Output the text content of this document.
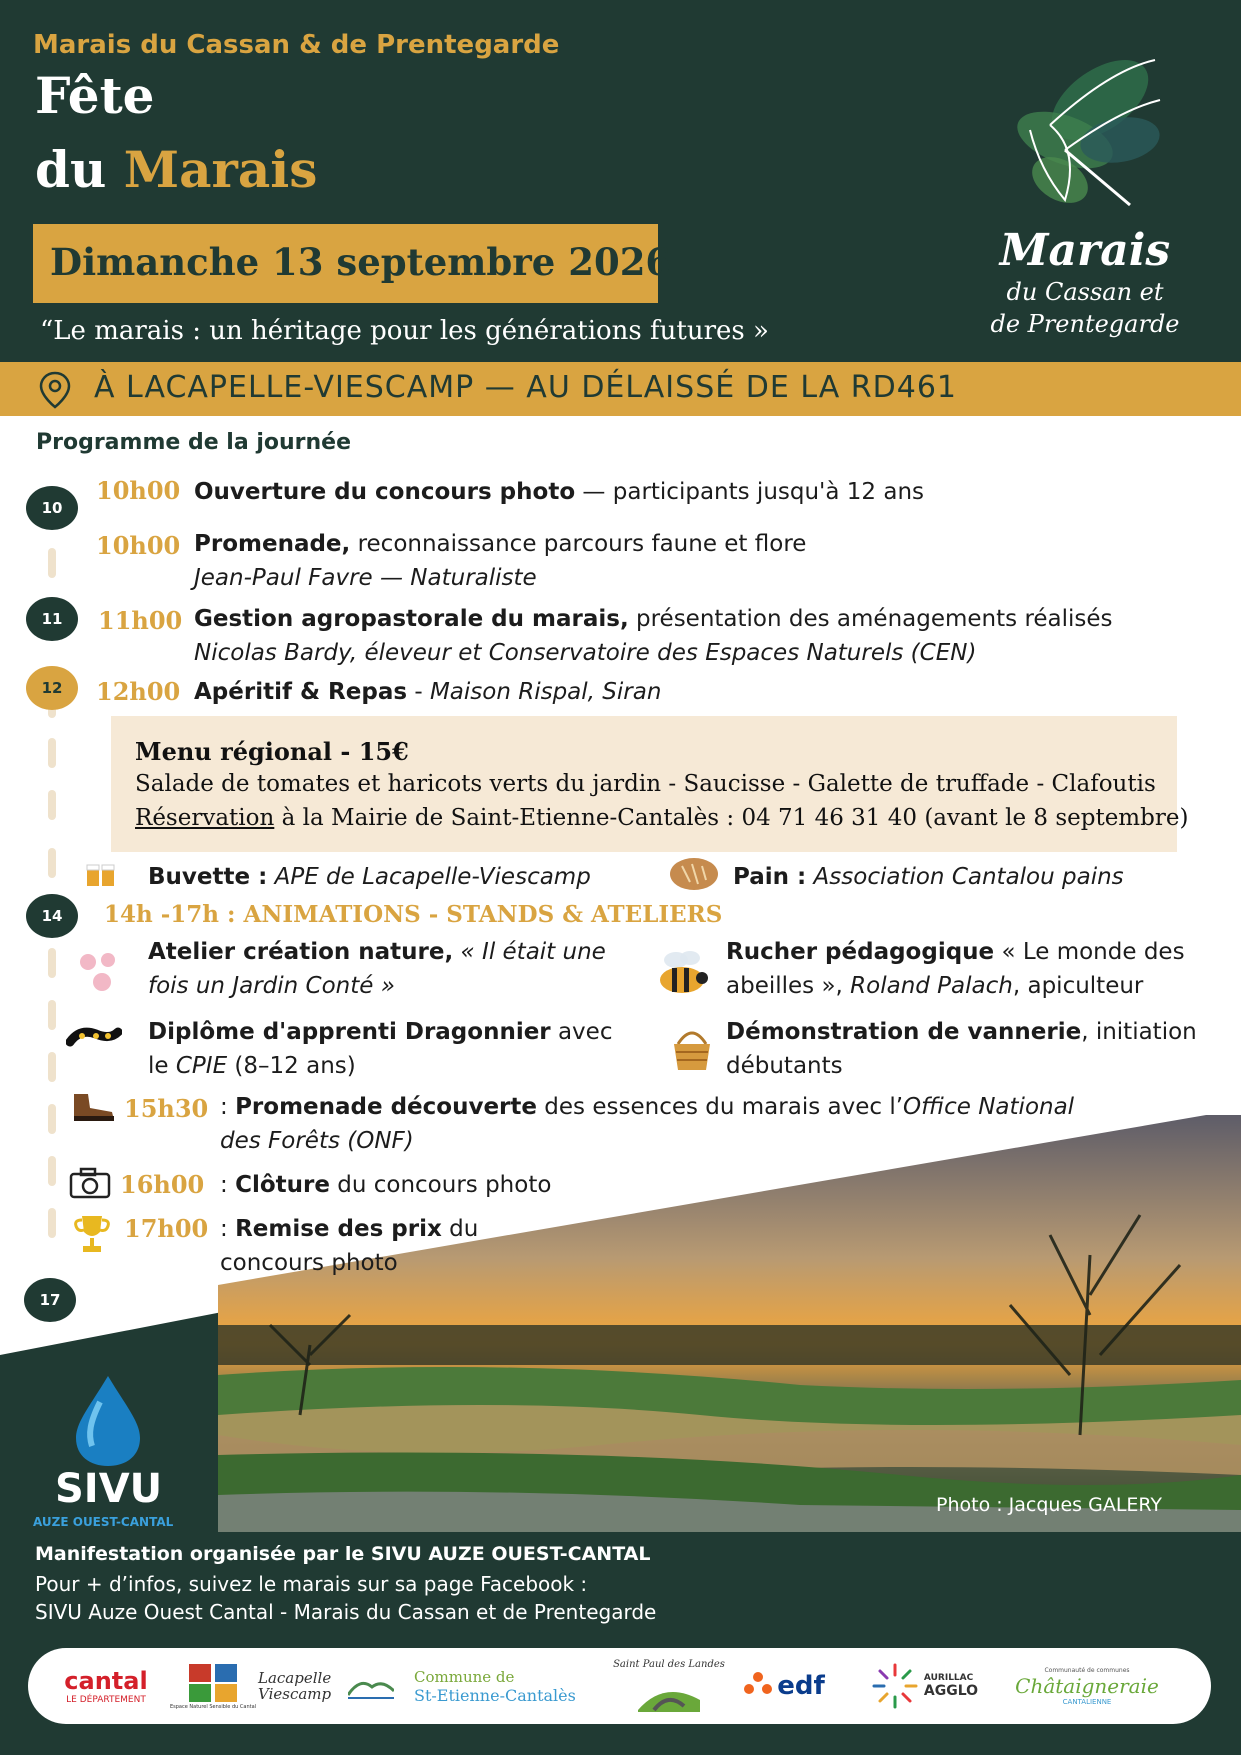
Marais du Cassan & de Prentegarde
Fête
du Marais
Dimanche 13 septembre 2026
“Le marais : un héritage pour les générations futures »
Marais
du Cassan et
de Prentegarde
À LACAPELLE-VIESCAMP — AU DÉLAISSÉ DE LA RD461
Programme de la journée
10
11
12
14
17
10h00 Ouverture du concours photo — participants jusqu'à 12 ans
10h00 Promenade, reconnaissance parcours faune et flore
Jean-Paul Favre — Naturaliste
11h00 Gestion agropastorale du marais, présentation des aménagements réalisés
Nicolas Bardy, éleveur et Conservatoire des Espaces Naturels (CEN)
12h00 Apéritif & Repas - Maison Rispal, Siran
Menu régional - 15€
Salade de tomates et haricots verts du jardin - Saucisse - Galette de truffade - Clafoutis
Réservation à la Mairie de Saint-Etienne-Cantalès : 04 71 46 31 40 (avant le 8 septembre)
Buvette : APE de Lacapelle-Viescamp	Pain : Association Cantalou pains
14h -17h : ANIMATIONS - STANDS & ATELIERS
Atelier création nature, « Il était une
fois un Jardin Conté »
Rucher pédagogique « Le monde des
abeilles », Roland Palach, apiculteur
Diplôme d'apprenti Dragonnier avec
le CPIE (8–12 ans)
Démonstration de vannerie, initiation
débutants
Photo : Jacques GALERY
SIVU
AUZE OUEST-CANTAL
15h30 : Promenade découverte des essences du marais avec l’Office National
des Forêts (ONF)
16h00 : Clôture du concours photo
17h00 : Remise des prix du
concours photo
Manifestation organisée par le SIVU AUZE OUEST-CANTAL
Pour + d’infos, suivez le marais sur sa page Facebook :
SIVU Auze Ouest Cantal - Marais du Cassan et de Prentegarde
cantal
LE DÉPARTEMENT
Espace Naturel Sensible du Cantal
Lacapelle Viescamp
Commune de
St-Etienne-Cantalès
Saint Paul des Landes
edf	AURILLAC
AGGLO
Communauté de communes
Châtaigneraie
CANTALIENNE
